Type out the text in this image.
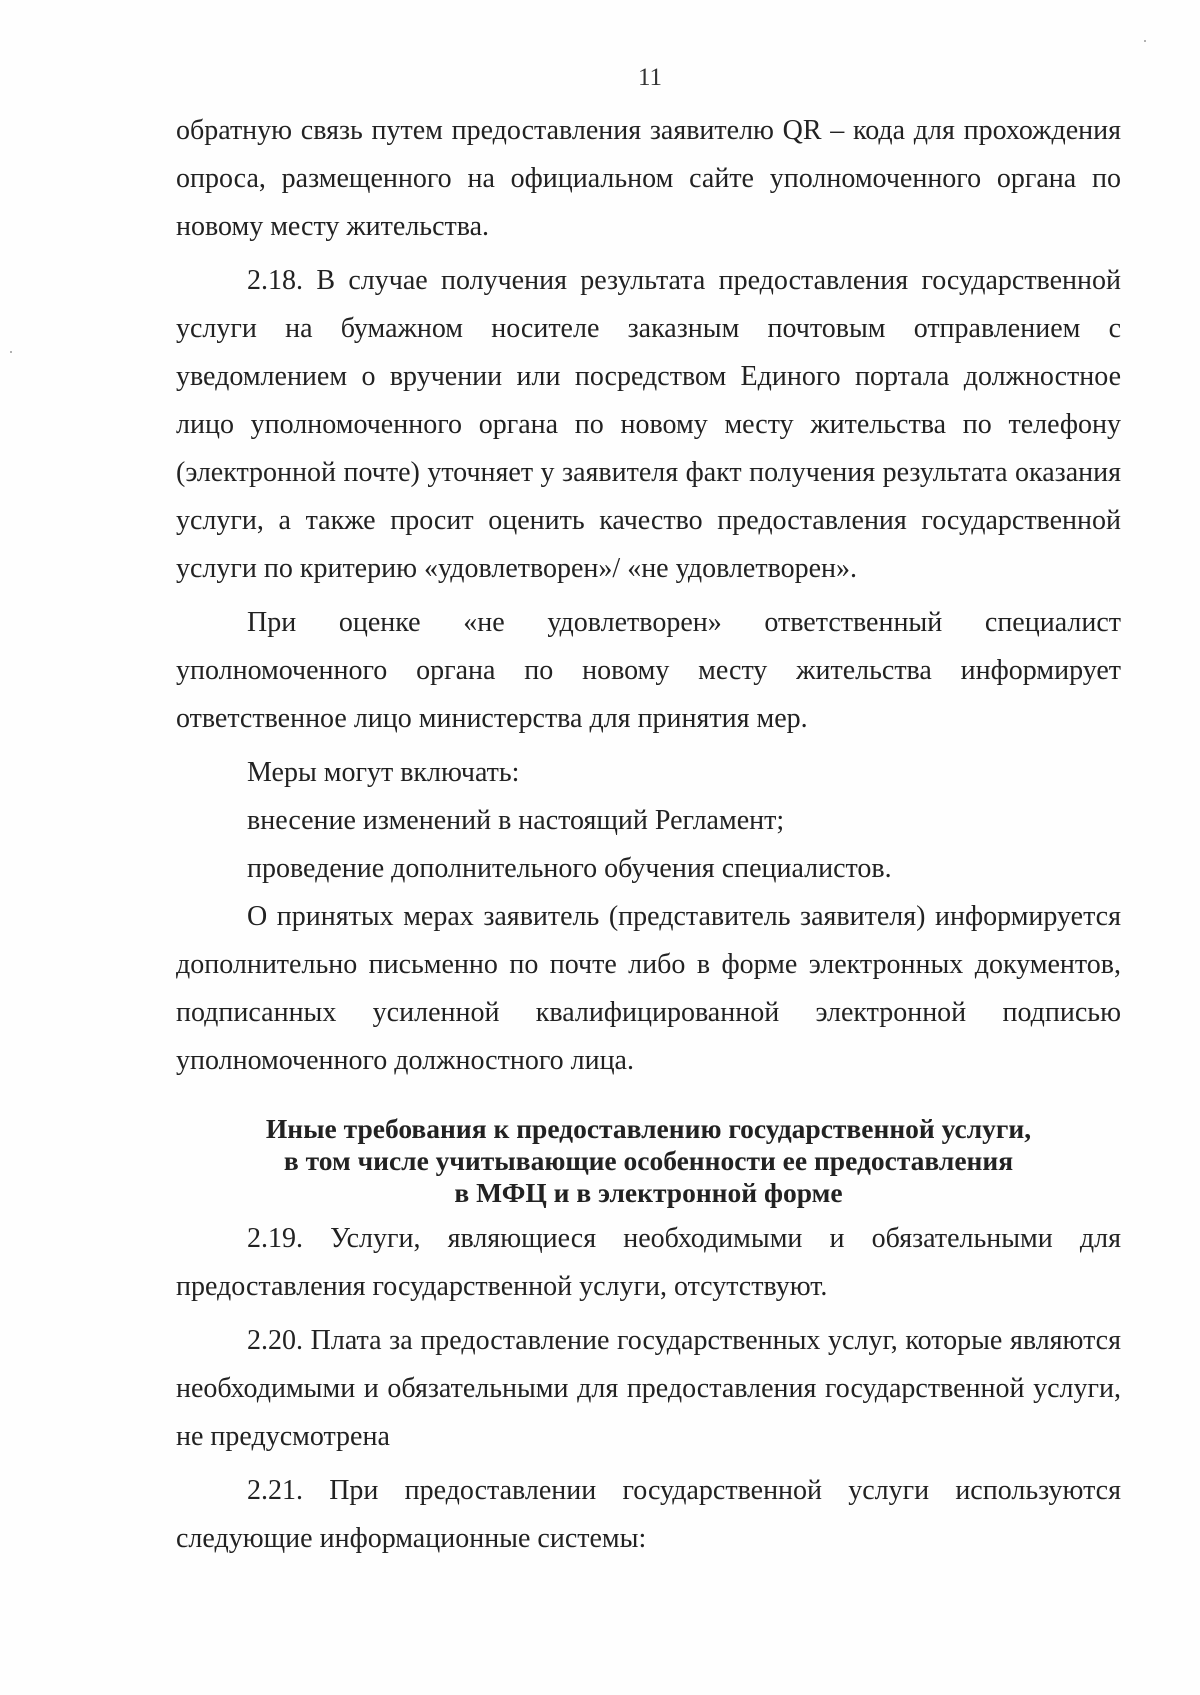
11

обратную связь путем предоставления заявителю QR – кода для прохождения опроса, размещенного на официальном сайте уполномоченного органа по новому месту жительства.

2.18. В случае получения результата предоставления государственной услуги на бумажном носителе заказным почтовым отправлением с уведомлением о вручении или посредством Единого портала должностное лицо уполномоченного органа по новому месту жительства по телефону (электронной почте) уточняет у заявителя факт получения результата оказания услуги, а также просит оценить качество предоставления государственной услуги по критерию «удовлетворен»/ «не удовлетворен».

При оценке «не удовлетворен» ответственный специалист уполномоченного органа по новому месту жительства информирует ответственное лицо министерства для принятия мер.

Меры могут включать:

внесение изменений в настоящий Регламент;

проведение дополнительного обучения специалистов.

О принятых мерах заявитель (представитель заявителя) информируется дополнительно письменно по почте либо в форме электронных документов, подписанных усиленной квалифицированной электронной подписью уполномоченного должностного лица.

Иные требования к предоставлению государственной услуги,
в том числе учитывающие особенности ее предоставления
в МФЦ и в электронной форме

2.19. Услуги, являющиеся необходимыми и обязательными для предоставления государственной услуги, отсутствуют.

2.20. Плата за предоставление государственных услуг, которые являются необходимыми и обязательными для предоставления государственной услуги, не предусмотрена

2.21. При предоставлении государственной услуги используются следующие информационные системы:
